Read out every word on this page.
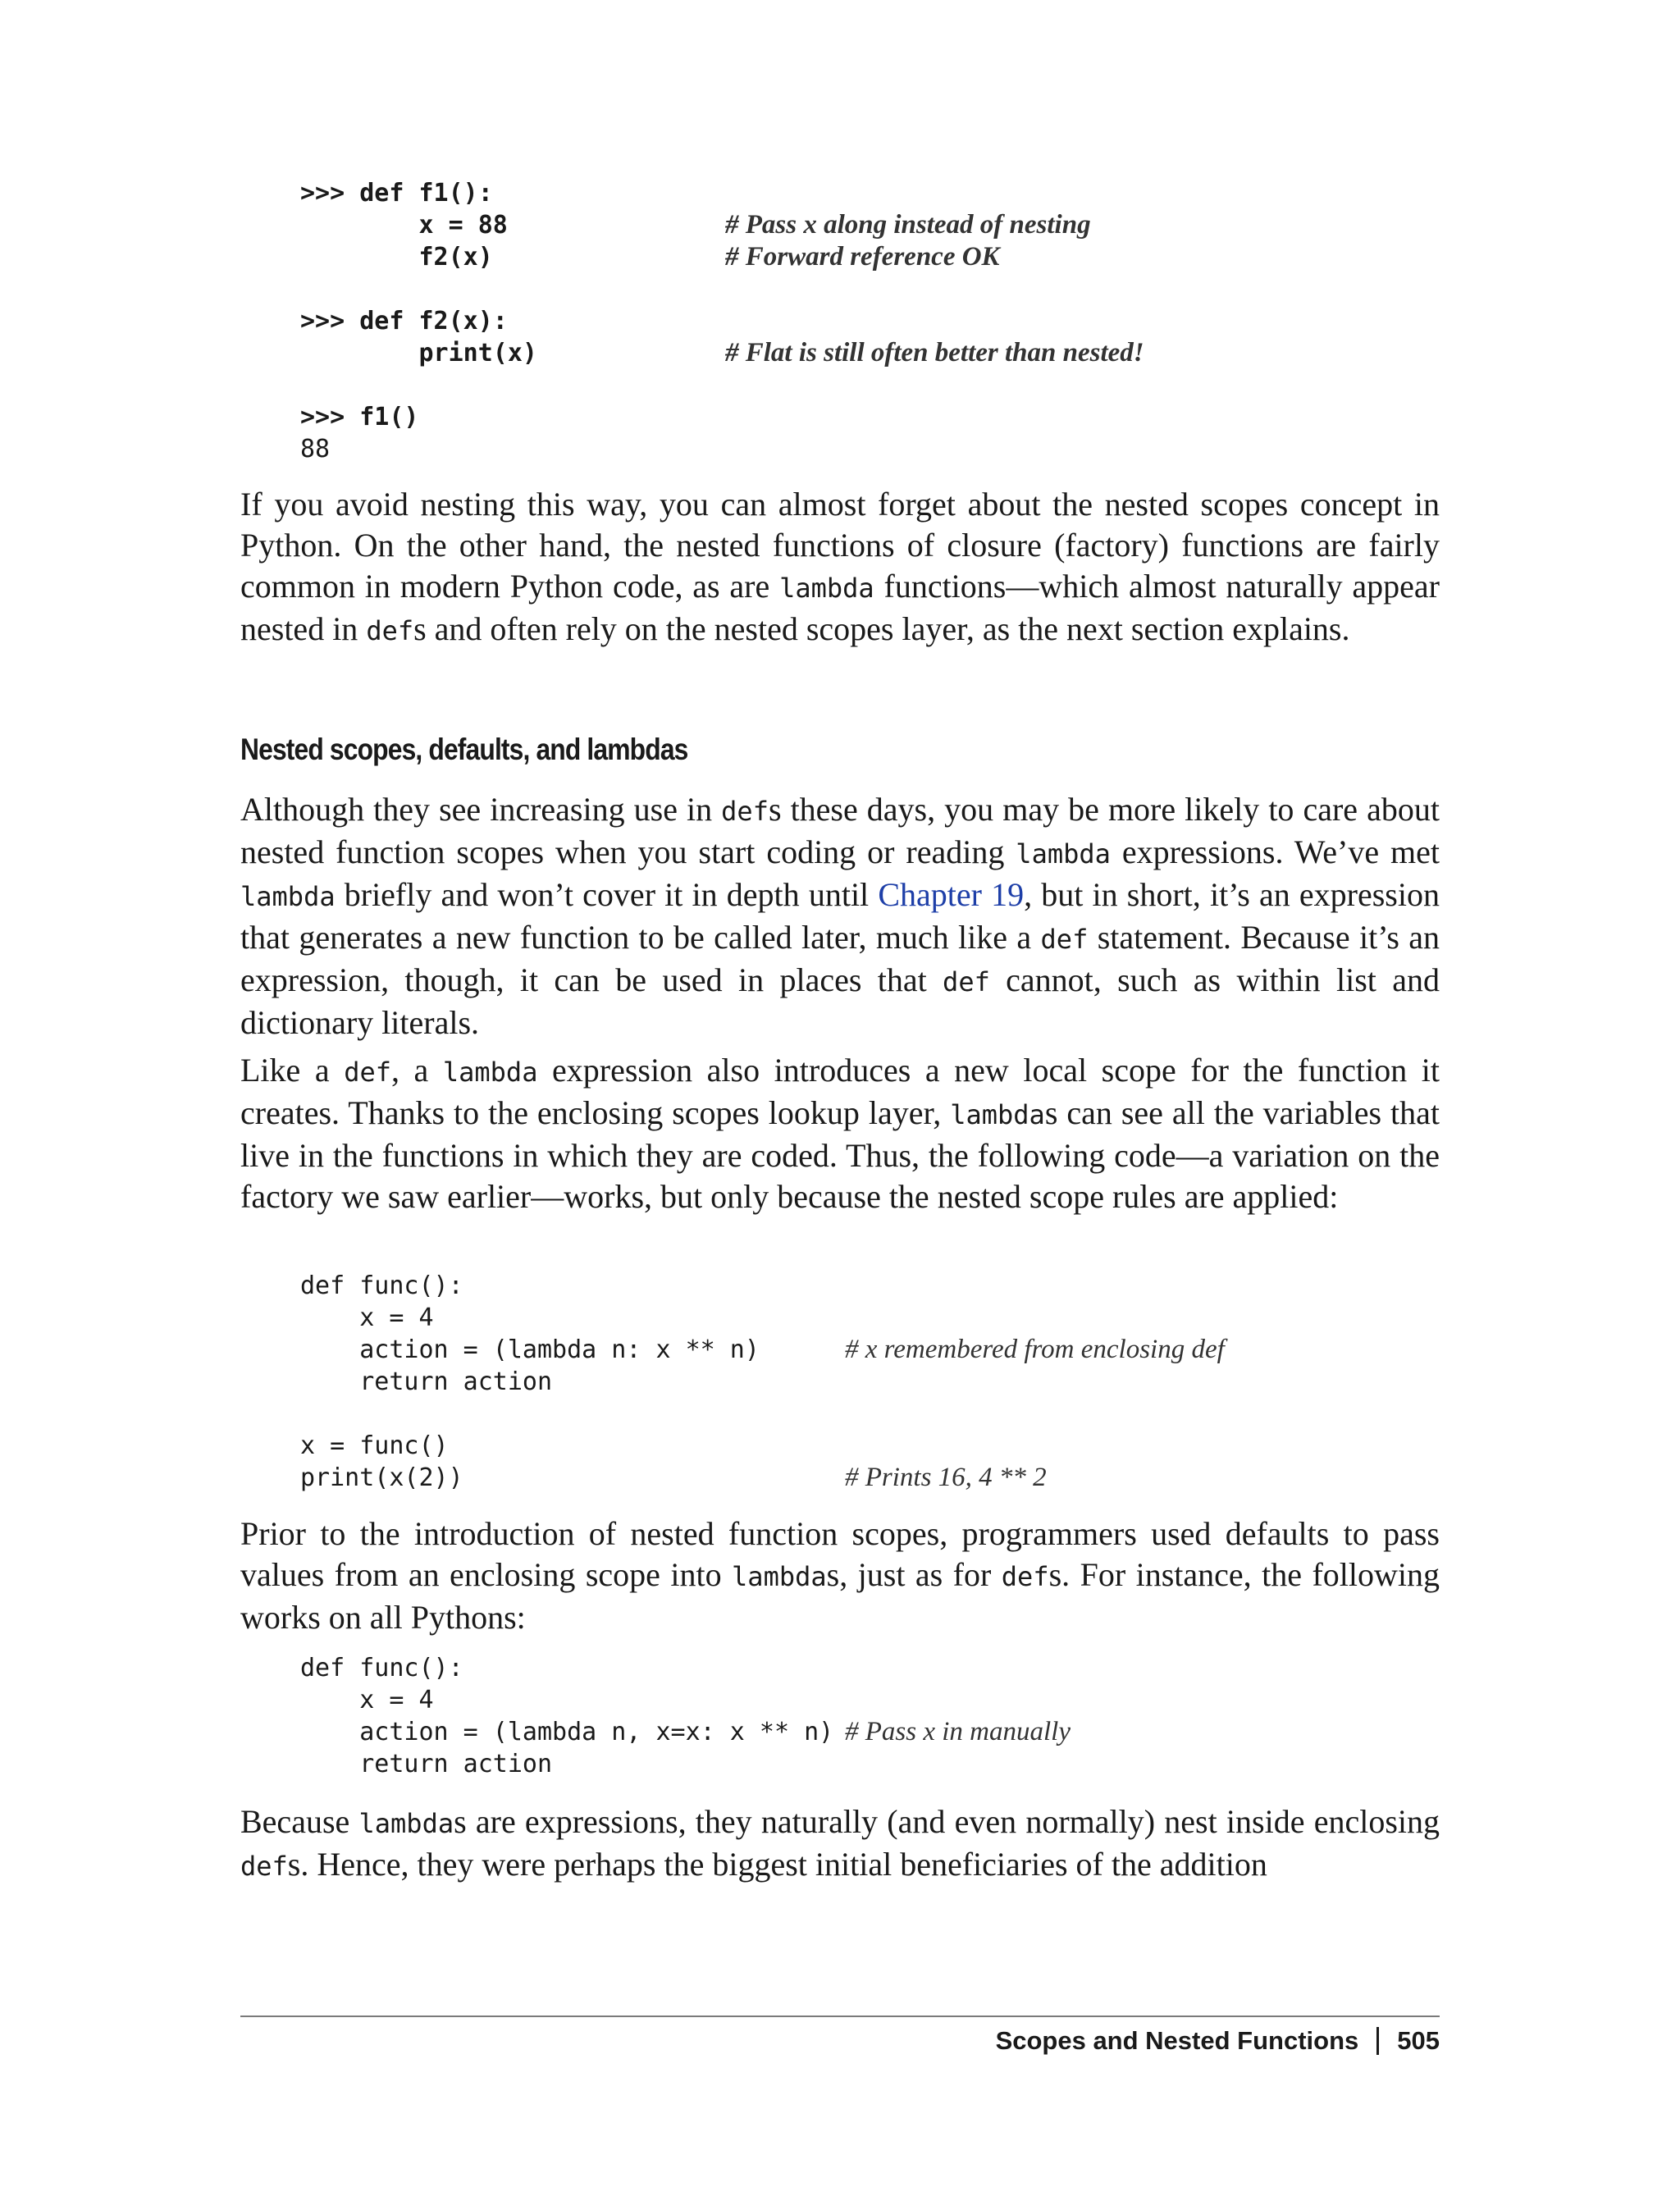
>>> def f1():
x = 88	# Pass x along instead of nesting
f2(x)	# Forward reference OK
>>> def f2(x):
print(x)	# Flat is still often better than nested!
>>> f1()
88
If you avoid nesting this way, you can almost forget about the nested scopes concept in Python. On the other hand, the nested functions of closure (factory) functions are fairly common in modern Python code, as are lambda functions—which almost naturally appear nested in defs and often rely on the nested scopes layer, as the next section explains.
Nested scopes, defaults, and lambdas
Although they see increasing use in defs these days, you may be more likely to care about nested function scopes when you start coding or reading lambda expressions. We’ve met lambda briefly and won’t cover it in depth until Chapter 19, but in short, it’s an expression that generates a new function to be called later, much like a def statement. Because it’s an expression, though, it can be used in places that def cannot, such as within list and dictionary literals.
Like a def, a lambda expression also introduces a new local scope for the function it creates. Thanks to the enclosing scopes lookup layer, lambdas can see all the variables that live in the functions in which they are coded. Thus, the following code—a variation on the factory we saw earlier—works, but only because the nested scope rules are applied:
def func():
x = 4
action = (lambda n: x ** n)	# x remembered from enclosing def
return action
x = func()
print(x(2))	# Prints 16, 4 ** 2
Prior to the introduction of nested function scopes, programmers used defaults to pass values from an enclosing scope into lambdas, just as for defs. For instance, the following works on all Pythons:
def func():
x = 4
action = (lambda n, x=x: x ** n) # Pass x in manually
return action
Because lambdas are expressions, they naturally (and even normally) nest inside enclosing defs. Hence, they were perhaps the biggest initial beneficiaries of the addition
Scopes and Nested Functions 505
